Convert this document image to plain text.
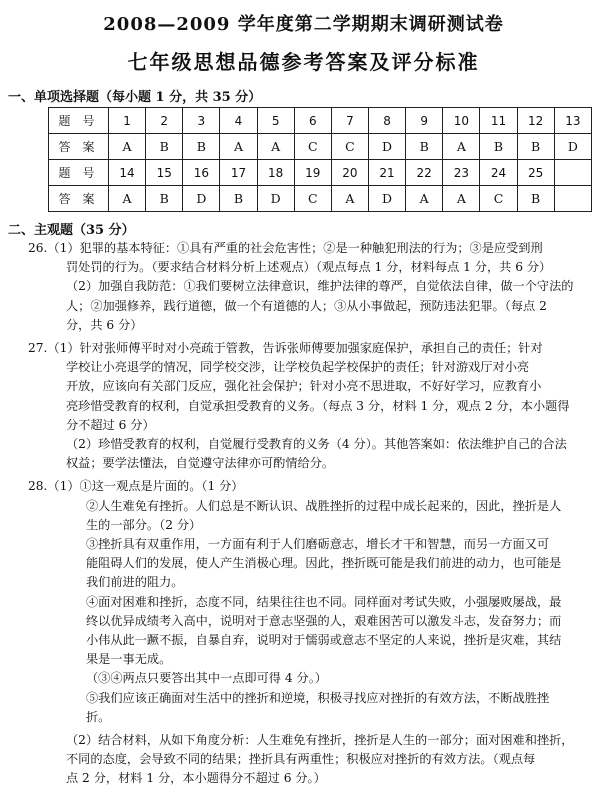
2008—2009 学年度第二学期期末调研测试卷
七年级思想品德参考答案及评分标准
一、单项选择题（每小题 1 分，共 35 分）
题号	1	2	3	4	5	6	7	8	9	10	11	12	13
答案	A	B	B	A	A	C	C	D	B	A	B	B	D
题号	14	15	16	17	18	19	20	21	22	23	24	25	
答案	A	B	D	B	D	C	A	D	A	A	C	B	
二、主观题（35 分）
26.（1）犯罪的基本特征：①具有严重的社会危害性；②是一种触犯刑法的行为；③是应受到刑
罚处罚的行为。（要求结合材料分析上述观点）（观点每点 1 分，材料每点 1 分，共 6 分）
（2）加强自我防范：①我们要树立法律意识，维护法律的尊严，自觉依法自律，做一个守法的
人；②加强修养，践行道德，做一个有道德的人；③从小事做起，预防违法犯罪。（每点 2
分，共 6 分）
27.（1）针对张师傅平时对小亮疏于管教，告诉张师傅要加强家庭保护，承担自己的责任；针对
学校让小亮退学的情况，同学校交涉，让学校负起学校保护的责任；针对游戏厅对小亮
开放，应该向有关部门反应，强化社会保护；针对小亮不思进取，不好好学习，应教育小
亮珍惜受教育的权利，自觉承担受教育的义务。（每点 3 分，材料 1 分，观点 2 分，本小题得
分不超过 6 分）
（2）珍惜受教育的权利，自觉履行受教育的义务（4 分）。其他答案如：依法维护自己的合法
权益；要学法懂法，自觉遵守法律亦可酌情给分。
28.（1）①这一观点是片面的。（1 分）
②人生难免有挫折。人们总是不断认识、战胜挫折的过程中成长起来的，因此，挫折是人
生的一部分。（2 分）
③挫折具有双重作用，一方面有利于人们磨砺意志，增长才干和智慧，而另一方面又可
能阻碍人们的发展，使人产生消极心理。因此，挫折既可能是我们前进的动力，也可能是
我们前进的阻力。
④面对困难和挫折，态度不同，结果往往也不同。同样面对考试失败，小强屡败屡战，最
终以优异成绩考入高中，说明对于意志坚强的人，艰难困苦可以激发斗志，发奋努力；而
小伟从此一蹶不振，自暴自弃，说明对于懦弱或意志不坚定的人来说，挫折是灾难，其结
果是一事无成。
（③④两点只要答出其中一点即可得 4 分。）
⑤我们应该正确面对生活中的挫折和逆境，积极寻找应对挫折的有效方法，不断战胜挫
折。
（2）结合材料，从如下角度分析：人生难免有挫折，挫折是人生的一部分；面对困难和挫折，
不同的态度，会导致不同的结果；挫折具有两重性；积极应对挫折的有效方法。（观点每
点 2 分，材料 1 分，本小题得分不超过 6 分。）
